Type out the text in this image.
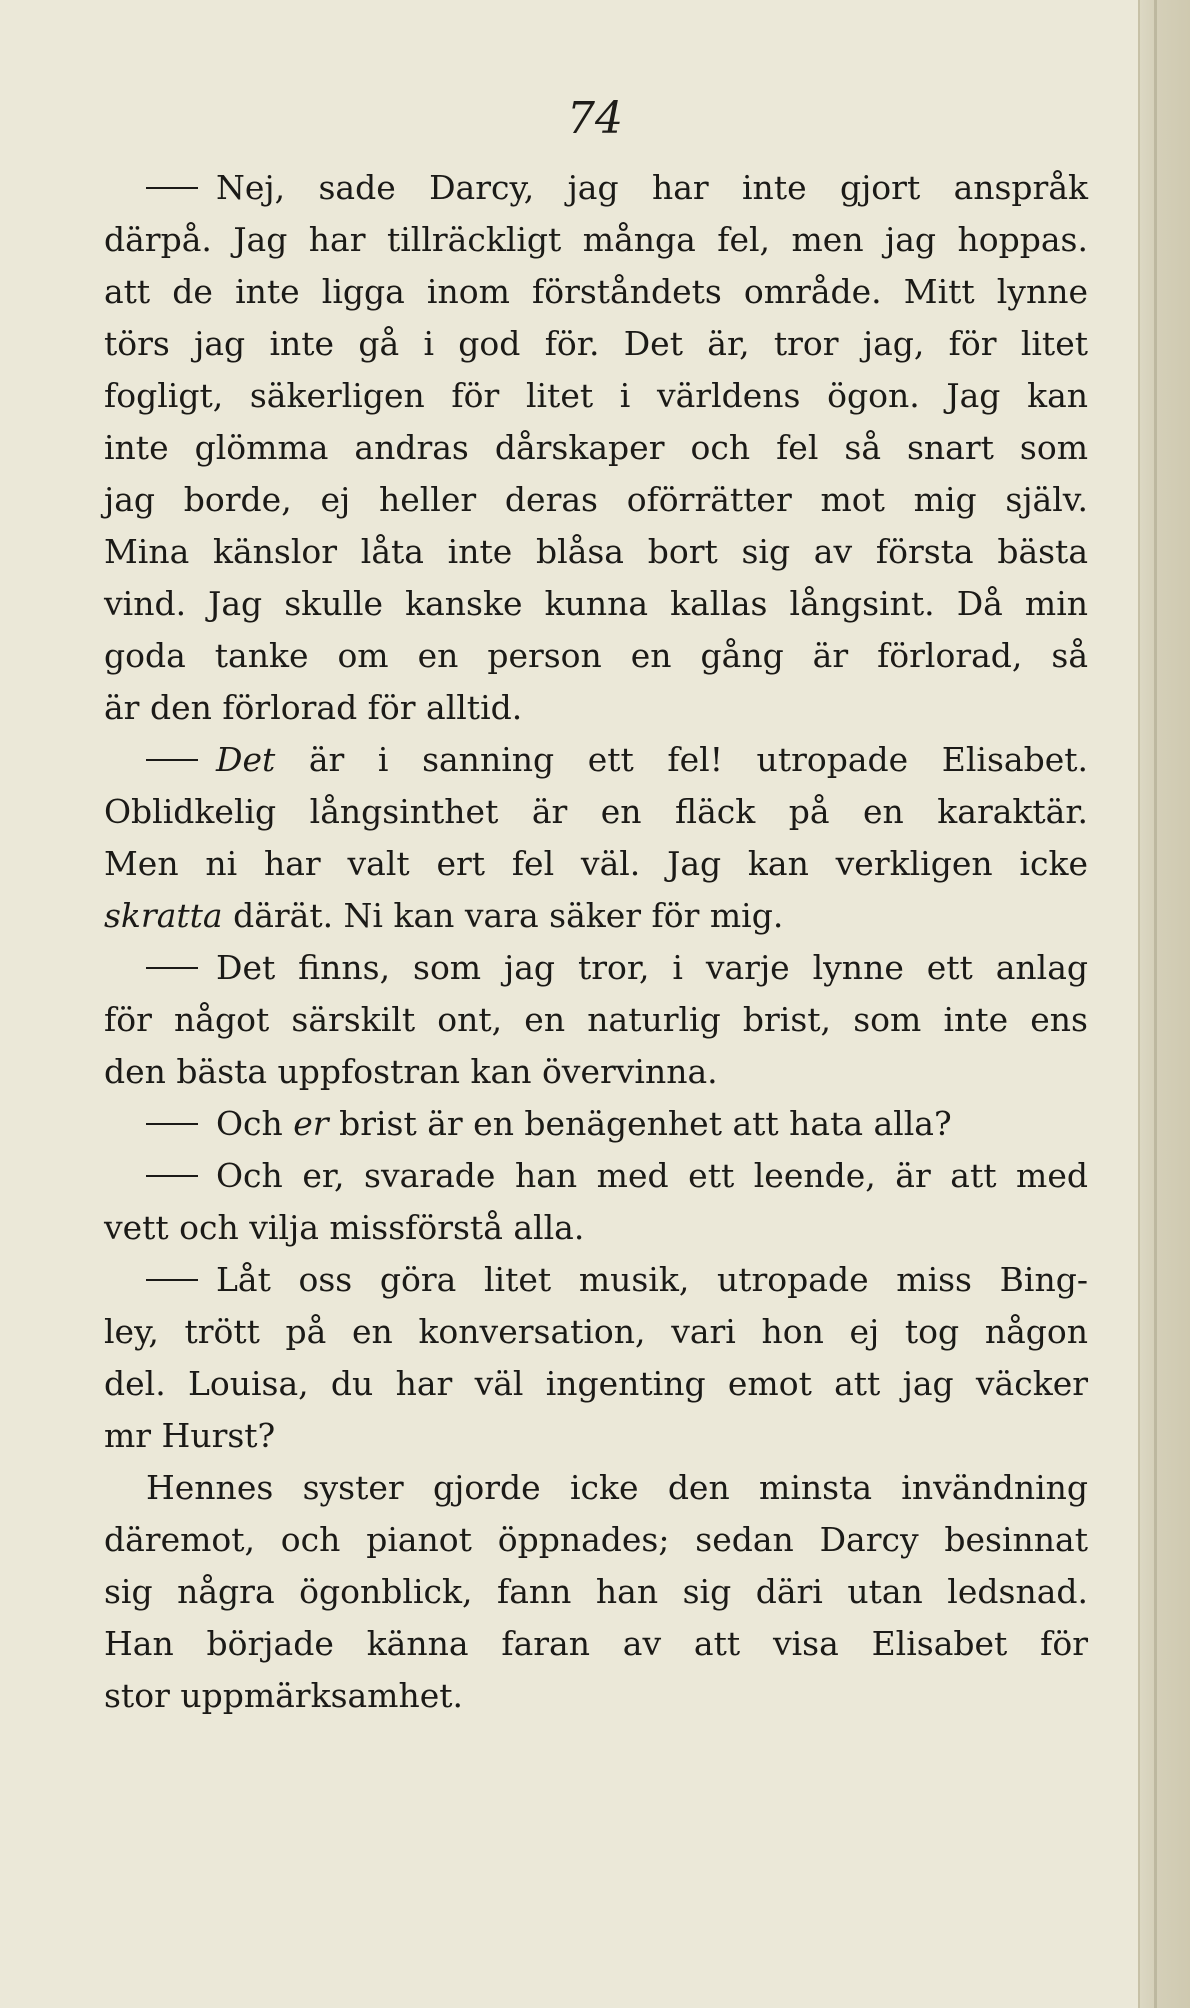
74
Nej, sade Darcy, jag har inte gjort anspråk
därpå. Jag har tillräckligt många fel, men jag hoppas.
att de inte ligga inom förståndets område. Mitt lynne
törs jag inte gå i god för. Det är, tror jag, för litet
fogligt, säkerligen för litet i världens ögon. Jag kan
inte glömma andras dårskaper och fel så snart som
jag borde, ej heller deras oförrätter mot mig själv.
Mina känslor låta inte blåsa bort sig av första bästa
vind. Jag skulle kanske kunna kallas långsint. Då min
goda tanke om en person en gång är förlorad, så
är den förlorad för alltid.
Det är i sanning ett fel! utropade Elisabet.
Oblidkelig långsinthet är en fläck på en karaktär.
Men ni har valt ert fel väl. Jag kan verkligen icke
skratta därät. Ni kan vara säker för mig.
Det finns, som jag tror, i varje lynne ett anlag
för något särskilt ont, en naturlig brist, som inte ens
den bästa uppfostran kan övervinna.
Och er brist är en benägenhet att hata alla?
Och er, svarade han med ett leende, är att med
vett och vilja missförstå alla.
Låt oss göra litet musik, utropade miss Bing-
ley, trött på en konversation, vari hon ej tog någon
del. Louisa, du har väl ingenting emot att jag väcker
mr Hurst?
Hennes syster gjorde icke den minsta invändning
däremot, och pianot öppnades; sedan Darcy besinnat
sig några ögonblick, fann han sig däri utan ledsnad.
Han började känna faran av att visa Elisabet för
stor uppmärksamhet.
